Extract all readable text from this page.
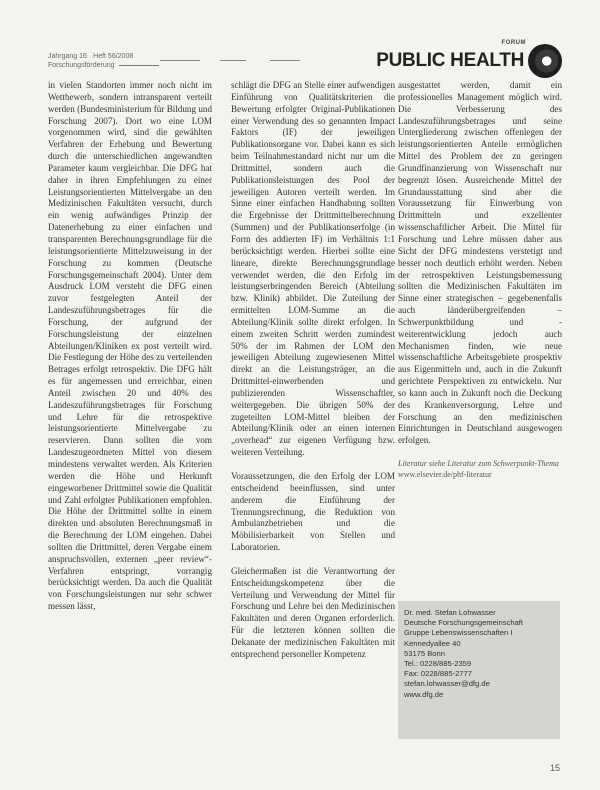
Jahrgang 16 · Heft 56/2008
Forschungsförderung	PUBLIC HEALTH
FORUM

in vielen Standorten immer noch nicht im Wettbewerb, sondern intransparent verteilt werden (Bundesministerium für Bildung und Forschung 2007). Dort wo eine LOM vorgenommen wird, sind die gewählten Verfahren der Erhebung und Bewertung durch die unterschiedlichen angewandten Parameter kaum vergleichbar. Die DFG hat daher in ihren Empfehlungen zu einer Leistungsorientierten Mittelvergabe an den Medizinischen Fakultäten versucht, durch ein wenig aufwändiges Prinzip der Datenerhebung zu einer einfachen und transparenten Berechnungsgrundlage für die leistungsorientierte Mittelzuweisung in der Forschung zu kommen (Deutsche Forschungsgemeinschaft 2004). Unter dem Ausdruck LOM versteht die DFG einen zuvor festgelegten Anteil der Landeszuführungsbetrages für die Forschung, der aufgrund der Forschungsleistung der einzelnen Abteilungen/Kliniken ex post verteilt wird. Die Festlegung der Höhe des zu verteilenden Betrages erfolgt retrospektiv. Die DFG hält es für angemessen und erreichbar, einen Anteil zwischen 20 und 40% des Landeszuführungsbetrages für Forschung und Lehre für die retrospektive leistungsorientierte Mittelvergabe zu reservieren. Dann sollten die vom Landeszugeordneten Mittel von diesem mindestens verwaltet werden. Als Kriterien werden die Höhe und Herkunft eingeworbener Drittmittel sowie die Qualität und Zahl erfolgter Publikationen empfohlen. Die Höhe der Drittmittel sollte in einem direkten und absoluten Berechnungsmaß in die Berechnung der LOM eingehen. Dabei sollten die Drittmittel, deren Vergabe einem anspruchsvollen, externen „peer review“-Verfahren entspringt, vorrangig berücksichtigt werden. Da auch die Qualität von Forschungsleistungen nur sehr schwer messen lässt,

schlägt die DFG an Stelle einer aufwendigen Einführung von Qualitätskriterien die Bewertung erfolgter Original-Publikationen einer Verwendung des so genannten Impact Faktors (IF) der jeweiligen Publikationsorgane vor. Dabei kann es sich beim Teilnahmestandard nicht nur um die Drittmittel, sondern auch die Publikationsleistungen des Pool der jeweiligen Autoren verteilt werden. Im Sinne einer einfachen Handhabung sollten die Ergebnisse der Drittmittelberechnung (Summen) und der Publikationserfolge (in Form des addierten IF) im Verhältnis 1:1 berücksichtigt werden. Hierbei sollte eine lineare, direkte Berechnungsgrundlage verwendet werden, die den Erfolg im leistungserbringenden Bereich (Abteilung bzw. Klinik) abbildet. Die Zuteilung der ermittelten LOM-Summe an die Abteilung/Klinik sollte direkt erfolgen. In einem zweiten Schritt werden zumindest 50% der im Rahmen der LOM den jeweiligen Abteilung zugewiesenen Mittel direkt an die Leistungsträger, an die Drittmittel-einwerbenden und publizierenden Wissenschaftler, weitergegeben. Die übrigen 50% der zugeteilten LOM-Mittel bleiben der Abteilung/Klinik oder an einen internen „overhead“ zur eigenen Verfügung bzw. weiteren Verteilung.

Voraussetzungen, die den Erfolg der LOM entscheidend beeinflussen, sind unter anderem die Einführung der Trennungsrechnung, die Reduktion von Ambulanzbetrieben und die Möbilisierbarkeit von Stellen und Laboratorien.

Gleichermaßen ist die Verantwortung der Entscheidungskompetenz über die Verteilung und Verwendung der Mittel für Forschung und Lehre bei den Medizinischen Fakultäten und deren Organen erforderlich. Für die letzteren können sollten die Dekanate der medizinischen Fakultäten mit entsprechend personeller Kompetenz

ausgestattet werden, damit ein professionelles Management möglich wird. Die Verbesserung des Landeszuführungsbetrages und seine Untergliederung zwischen offenlegen der leistungsorientierten Anteile ermöglichen Mittel des Problem der zu geringen Grundfinanzierung von Wissenschaft nur begrenzt lösen. Ausreichende Mittel der Grundausstattung sind aber die Voraussetzung für Einwerbung von Drittmitteln und exzellenter wissenschaftlicher Arbeit. Die Mittel für Forschung und Lehre müssen daher aus Sicht der DFG mindestens verstetigt und besser noch deutlich erhöht werden. Neben der retrospektiven Leistungsbemessung sollten die Medizinischen Fakultäten im Sinne einer strategischen – gegebenenfalls auch länderübergreifenden – Schwerpunktbildung und -weiterentwicklung jedoch auch Mechanismen finden, wie neue wissenschaftliche Arbeitsgebiete prospektiv aus Eigenmitteln und, auch in die Zukunft gerichtete Perspektiven zu entwickeln. Nur so kann auch in Zukunft noch die Deckung des Krankenversorgung, Lehre und Forschung an den medizinischen Einrichtungen in Deutschland ausgewogen erfolgen.

Literatur siehe Literatur zum Schwerpunkt-Thema
www.elsevier.de/phf-literatur
Dr. med. Stefan Lohwasser
Deutsche Forschungsgemeinschaft
Gruppe Lebenswissenschaften I
Kennedyallee 40
53175 Bonn
Tel.: 0228/885-2359
Fax: 0228/885-2777
stefan.lohwasser@dfg.de
www.dfg.de
15
